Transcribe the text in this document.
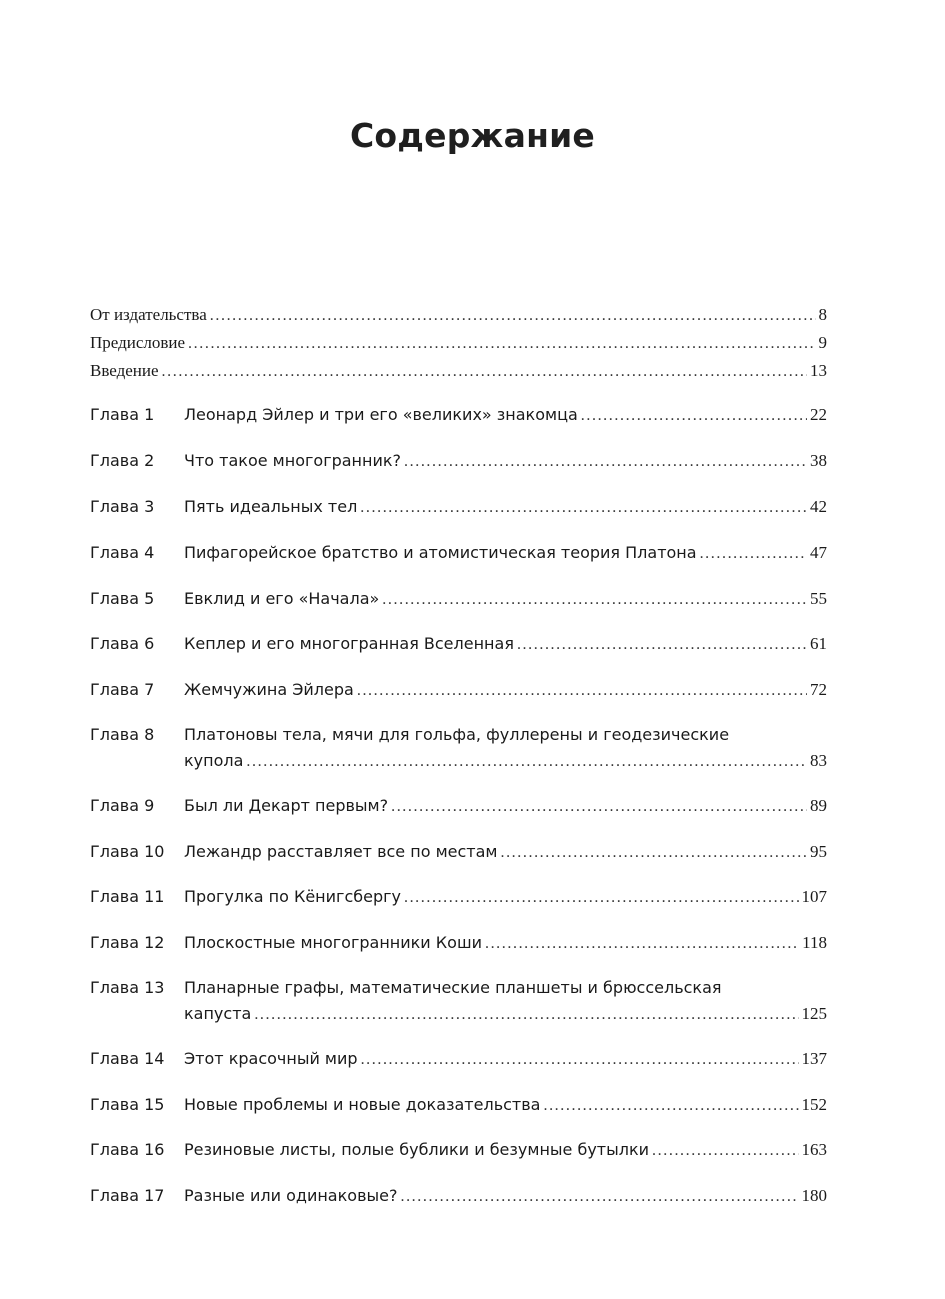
Содержание
От издательства .....	8
Предисловие .....	9
Введение .....	13
Глава 1	Леонард Эйлер и три его «великих» знакомца .....	22
Глава 2	Что такое многогранник? .....	38
Глава 3	Пять идеальных тел .....	42
Глава 4	Пифагорейское братство и атомистическая теория Платона .....	47
Глава 5	Евклид и его «Начала» .....	55
Глава 6	Кеплер и его многогранная Вселенная .....	61
Глава 7	Жемчужина Эйлера .....	72
Глава 8	Платоновы тела, мячи для гольфа, фуллерены и геодезические
купола .....	83
Глава 9	Был ли Декарт первым? .....	89
Глава 10	Лежандр расставляет все по местам .....	95
Глава 11	Прогулка по Кёнигсбергу .....	107
Глава 12	Плоскостные многогранники Коши .....	118
Глава 13	Планарные графы, математические планшеты и брюссельская
капуста .....	125
Глава 14	Этот красочный мир .....	137
Глава 15	Новые проблемы и новые доказательства .....	152
Глава 16	Резиновые листы, полые бублики и безумные бутылки .....	163
Глава 17	Разные или одинаковые? .....	180
